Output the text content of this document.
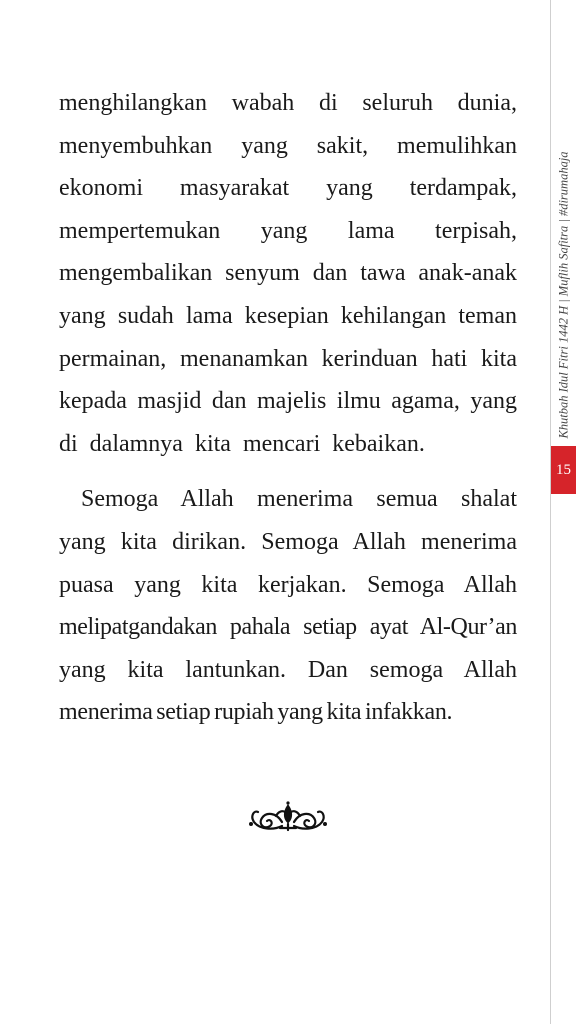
menghilangkan wabah di seluruh dunia,
menyembuhkan yang sakit, memulihkan
ekonomi masyarakat yang terdampak,
mempertemukan yang lama terpisah,
mengembalikan senyum dan tawa anak-anak
yang sudah lama kesepian kehilangan teman
permainan, menanamkan kerinduan hati kita
kepada masjid dan majelis ilmu agama, yang
di dalamnya kita mencari kebaikan.
Semoga Allah menerima semua shalat
yang kita dirikan. Semoga Allah menerima
puasa yang kita kerjakan. Semoga Allah
melipatgandakan pahala setiap ayat Al-Qur’an
yang kita lantunkan. Dan semoga Allah
menerima setiap rupiah yang kita infakkan.
Khutbah Idul Fitri 1442 H | Muflih Safitra | #dirumahaja
15
